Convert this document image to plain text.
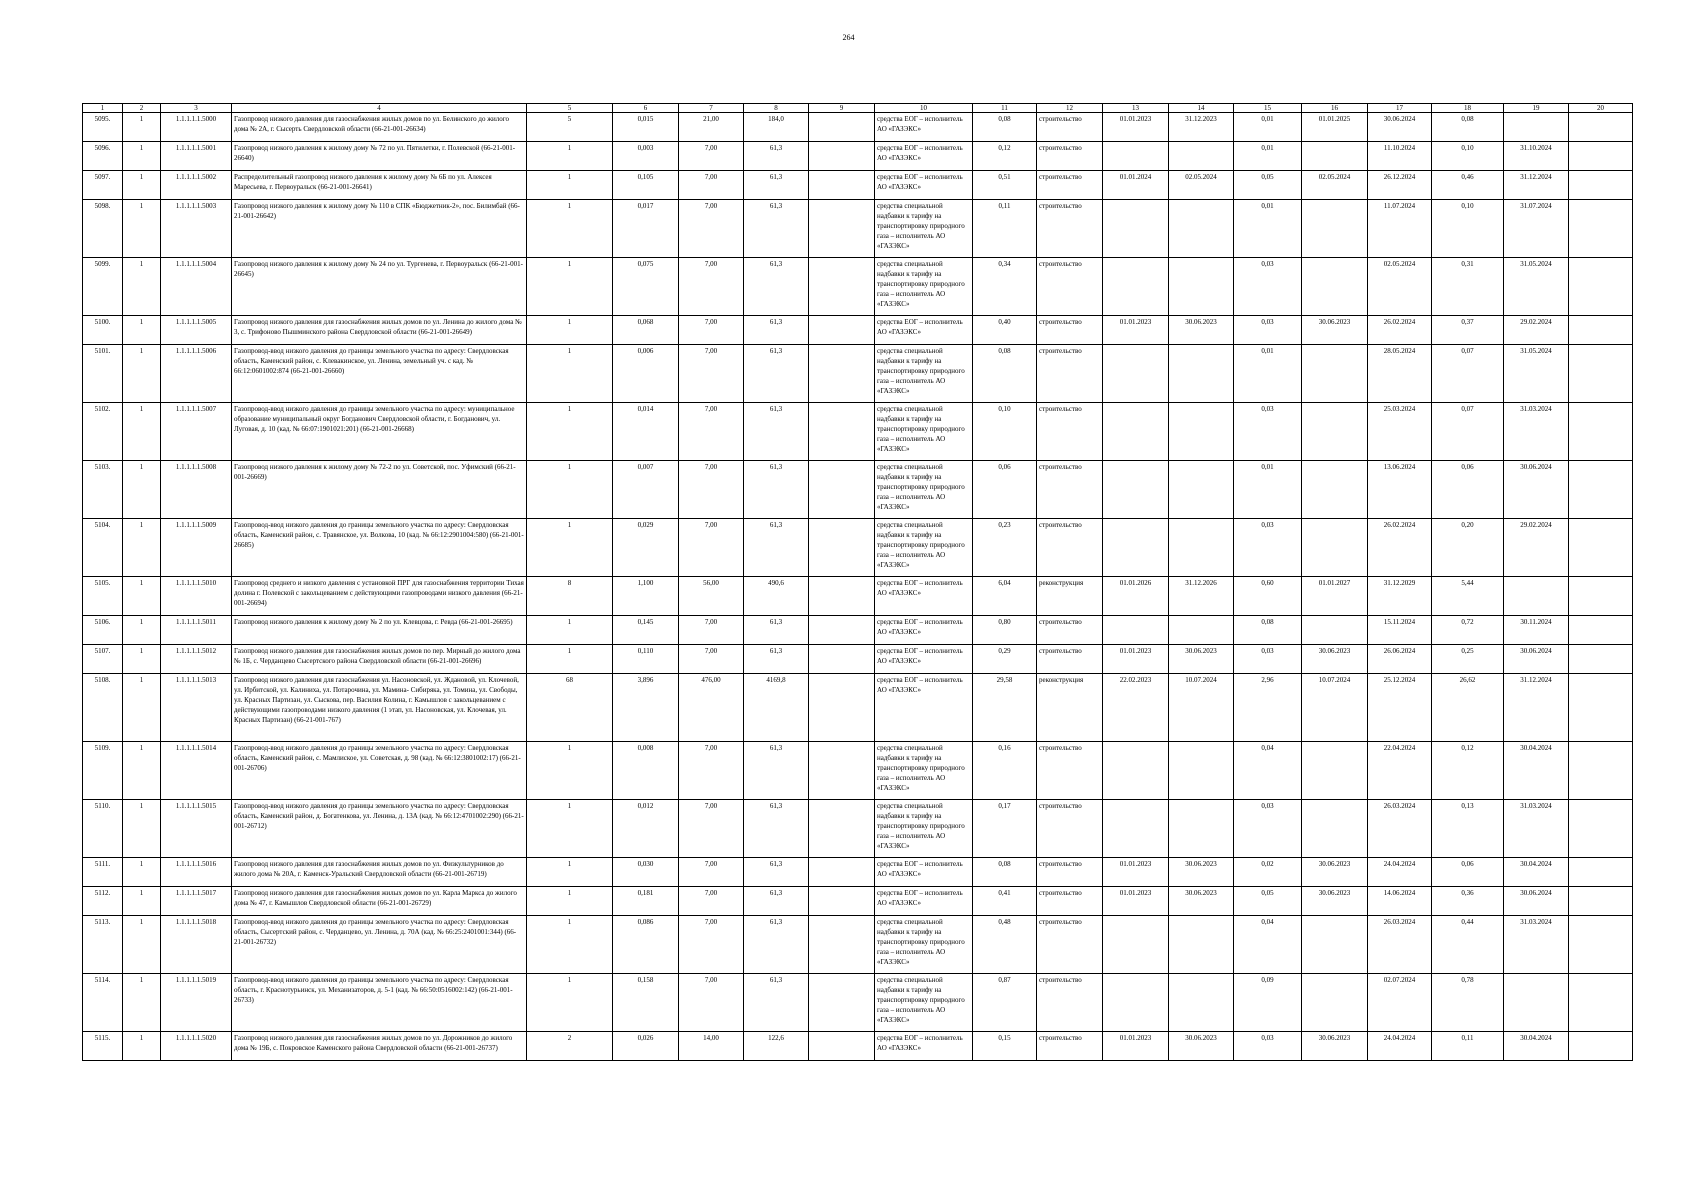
264
1	2	3	4	5	6	7	8	9	10	11	12	13	14	15	16	17	18	19	20
5095.	1	1.1.1.1.1.5000	Газопровод низкого давления для газоснабжения жилых домов по ул. Белинского до жилого дома № 2А, г. Сысерть Свердловской области (66-21-001-26634)	5	0,015	21,00	184,0		средства ЕОГ – исполнитель АО «ГАЗЭКС»	0,08	строительство	01.01.2023	31.12.2023	0,01	01.01.2025	30.06.2024	0,08		
5096.	1	1.1.1.1.1.5001	Газопровод низкого давления к жилому дому № 72 по ул. Пятилетки, г. Полевской (66-21-001-26640)	1	0,003	7,00	61,3		средства ЕОГ – исполнитель АО «ГАЗЭКС»	0,12	строительство			0,01		11.10.2024	0,10	31.10.2024	
5097.	1	1.1.1.1.1.5002	Распределительный газопровод низкого давления к жилому дому № 6Б по ул. Алексея Маресьева, г. Первоуральск (66-21-001-26641)	1	0,105	7,00	61,3		средства ЕОГ – исполнитель АО «ГАЗЭКС»	0,51	строительство	01.01.2024	02.05.2024	0,05	02.05.2024	26.12.2024	0,46	31.12.2024	
5098.	1	1.1.1.1.1.5003	Газопровод низкого давления к жилому дому № 110 в СПК «Бюджетник-2», пос. Билимбай (66-21-001-26642)	1	0,017	7,00	61,3		средства специальной надбавки к тарифу на транспортировку природного газа – исполнитель АО «ГАЗЭКС»	0,11	строительство			0,01		11.07.2024	0,10	31.07.2024	
5099.	1	1.1.1.1.1.5004	Газопровод низкого давления к жилому дому № 24 по ул. Тургенева, г. Первоуральск (66-21-001-26645)	1	0,075	7,00	61,3		средства специальной надбавки к тарифу на транспортировку природного газа – исполнитель АО «ГАЗЭКС»	0,34	строительство			0,03		02.05.2024	0,31	31.05.2024	
5100.	1	1.1.1.1.1.5005	Газопровод низкого давления для газоснабжения жилых домов по ул. Ленина до жилого дома № 3, с. Трифоново Пышминского района Свердловской области (66-21-001-26649)	1	0,068	7,00	61,3		средства ЕОГ – исполнитель АО «ГАЗЭКС»	0,40	строительство	01.01.2023	30.06.2023	0,03	30.06.2023	26.02.2024	0,37	29.02.2024	
5101.	1	1.1.1.1.1.5006	Газопровод-ввод низкого давления до границы земельного участка по адресу: Свердловская область, Каменский район, с. Клевакинское, ул. Ленина, земельный уч. с кад. № 66:12:0601002:874 (66-21-001-26660)	1	0,006	7,00	61,3		средства специальной надбавки к тарифу на транспортировку природного газа – исполнитель АО «ГАЗЭКС»	0,08	строительство			0,01		28.05.2024	0,07	31.05.2024	
5102.	1	1.1.1.1.1.5007	Газопровод-ввод низкого давления до границы земельного участка по адресу: муниципальное образование муниципальный округ Богданович Свердловской области, г. Богданович, ул. Луговая, д. 10 (кад. № 66:07:1901021:201) (66-21-001-26668)	1	0,014	7,00	61,3		средства специальной надбавки к тарифу на транспортировку природного газа – исполнитель АО «ГАЗЭКС»	0,10	строительство			0,03		25.03.2024	0,07	31.03.2024	
5103.	1	1.1.1.1.1.5008	Газопровод низкого давления к жилому дому № 72-2 по ул. Советской, пос. Уфимский (66-21-001-26669)	1	0,007	7,00	61,3		средства специальной надбавки к тарифу на транспортировку природного газа – исполнитель АО «ГАЗЭКС»	0,06	строительство			0,01		13.06.2024	0,06	30.06.2024	
5104.	1	1.1.1.1.1.5009	Газопровод-ввод низкого давления до границы земельного участка по адресу: Свердловская область, Каменский район, с. Травянское, ул. Волкова, 10 (кад. № 66:12:2901004:580) (66-21-001-26685)	1	0,029	7,00	61,3		средства специальной надбавки к тарифу на транспортировку природного газа – исполнитель АО «ГАЗЭКС»	0,23	строительство			0,03		26.02.2024	0,20	29.02.2024	
5105.	1	1.1.1.1.1.5010	Газопровод среднего и низкого давления с установкой ПРГ для газоснабжения территории Тихая долина г. Полевской с закольцеванием с действующими газопроводами низкого давления (66-21-001-26694)	8	1,100	56,00	490,6		средства ЕОГ – исполнитель АО «ГАЗЭКС»	6,04	реконструкция	01.01.2026	31.12.2026	0,60	01.01.2027	31.12.2029	5,44		
5106.	1	1.1.1.1.1.5011	Газопровод низкого давления к жилому дому № 2 по ул. Клевцова, г. Ревда (66-21-001-26695)	1	0,145	7,00	61,3		средства ЕОГ – исполнитель АО «ГАЗЭКС»	0,80	строительство			0,08		15.11.2024	0,72	30.11.2024	
5107.	1	1.1.1.1.1.5012	Газопровод низкого давления для газоснабжения жилых домов по пер. Мирный до жилого дома № 1Б, с. Черданцево Сысертского района Свердловской области (66-21-001-26696)	1	0,110	7,00	61,3		средства ЕОГ – исполнитель АО «ГАЗЭКС»	0,29	строительство	01.01.2023	30.06.2023	0,03	30.06.2023	26.06.2024	0,25	30.06.2024	
5108.	1	1.1.1.1.1.5013	Газопровод низкого давления для газоснабжения ул. Насоновской, ул. Ждановой, ул. Клочевой, ул. Ирбитской, ул. Калиниха, ул. Потарочина, ул. Мамина- Сибиряка, ул. Томина, ул. Свободы, ул. Красных Партизан, ул. Сыскова, пер. Василия Колина, г. Камышлов с закольцеванием с действующими газопроводами низкого давления (1 этап, ул. Насоновская, ул. Клочевая, ул. Красных Партизан) (66-21-001-767)	68	3,896	476,00	4169,8		средства ЕОГ – исполнитель АО «ГАЗЭКС»	29,58	реконструкция	22.02.2023	10.07.2024	2,96	10.07.2024	25.12.2024	26,62	31.12.2024	
5109.	1	1.1.1.1.1.5014	Газопровод-ввод низкого давления до границы земельного участка по адресу: Свердловская область, Каменский район, с. Мамлиское, ул. Советская, д. 98 (кад. № 66:12:3801002:17) (66-21-001-26706)	1	0,008	7,00	61,3		средства специальной надбавки к тарифу на транспортировку природного газа – исполнитель АО «ГАЗЭКС»	0,16	строительство			0,04		22.04.2024	0,12	30.04.2024	
5110.	1	1.1.1.1.1.5015	Газопровод-ввод низкого давления до границы земельного участка по адресу: Свердловская область, Каменский район, д. Богатенкова, ул. Ленина, д. 13А (кад. № 66:12:4701002:290) (66-21-001-26712)	1	0,012	7,00	61,3		средства специальной надбавки к тарифу на транспортировку природного газа – исполнитель АО «ГАЗЭКС»	0,17	строительство			0,03		26.03.2024	0,13	31.03.2024	
5111.	1	1.1.1.1.1.5016	Газопровод низкого давления для газоснабжения жилых домов по ул. Физкультурников до жилого дома № 20А, г. Каменск-Уральский Свердловской области (66-21-001-26719)	1	0,030	7,00	61,3		средства ЕОГ – исполнитель АО «ГАЗЭКС»	0,08	строительство	01.01.2023	30.06.2023	0,02	30.06.2023	24.04.2024	0,06	30.04.2024	
5112.	1	1.1.1.1.1.5017	Газопровод низкого давления для газоснабжения жилых домов по ул. Карла Маркса до жилого дома № 47, г. Камышлов Свердловской области (66-21-001-26729)	1	0,181	7,00	61,3		средства ЕОГ – исполнитель АО «ГАЗЭКС»	0,41	строительство	01.01.2023	30.06.2023	0,05	30.06.2023	14.06.2024	0,36	30.06.2024	
5113.	1	1.1.1.1.1.5018	Газопровод-ввод низкого давления до границы земельного участка по адресу: Свердловская область, Сысертский район, с. Черданцево, ул. Ленина, д. 70А (кад. № 66:25:2401001:344) (66-21-001-26732)	1	0,086	7,00	61,3		средства специальной надбавки к тарифу на транспортировку природного газа – исполнитель АО «ГАЗЭКС»	0,48	строительство			0,04		26.03.2024	0,44	31.03.2024	
5114.	1	1.1.1.1.1.5019	Газопровод-ввод низкого давления до границы земельного участка по адресу: Свердловская область, г. Краснотурьинск, ул. Механизаторов, д. 5-1 (кад. № 66:50:0516002:142) (66-21-001-26733)	1	0,158	7,00	61,3		средства специальной надбавки к тарифу на транспортировку природного газа – исполнитель АО «ГАЗЭКС»	0,87	строительство			0,09		02.07.2024	0,78		
5115.	1	1.1.1.1.1.5020	Газопровод низкого давления для газоснабжения жилых домов по ул. Дорожников до жилого дома № 19Б, с. Покровское Каменского района Свердловской области (66-21-001-26737)	2	0,026	14,00	122,6		средства ЕОГ – исполнитель АО «ГАЗЭКС»	0,15	строительство	01.01.2023	30.06.2023	0,03	30.06.2023	24.04.2024	0,11	30.04.2024	
